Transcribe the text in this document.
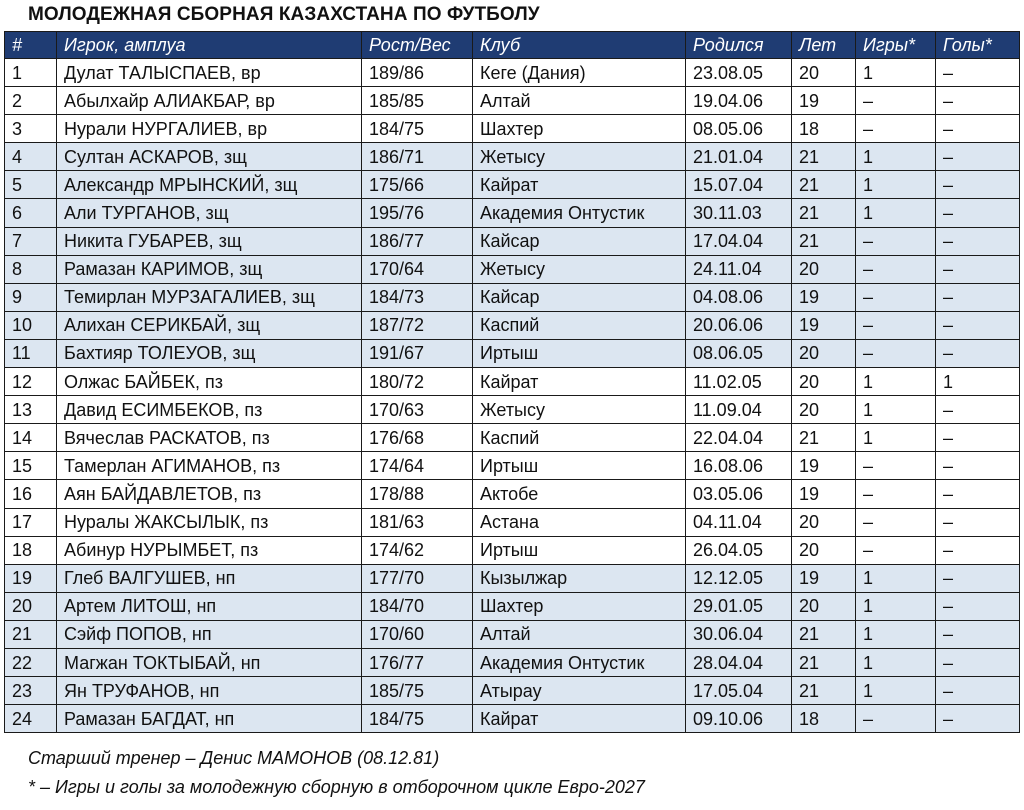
МОЛОДЕЖНАЯ СБОРНАЯ КАЗАХСТАНА ПО ФУТБОЛУ
#	Игрок, амплуа	Рост/Вес	Клуб	Родился	Лет	Игры*	Голы*
1	Дулат ТАЛЫСПАЕВ, вр	189/86	Кеге (Дания)	23.08.05	20	1	–
2	Абылхайр АЛИАКБАР, вр	185/85	Алтай	19.04.06	19	–	–
3	Нурали НУРГАЛИЕВ, вр	184/75	Шахтер	08.05.06	18	–	–
4	Султан АСКАРОВ, зщ	186/71	Жетысу	21.01.04	21	1	–
5	Александр МРЫНСКИЙ, зщ	175/66	Кайрат	15.07.04	21	1	–
6	Али ТУРГАНОВ, зщ	195/76	Академия Онтустик	30.11.03	21	1	–
7	Никита ГУБАРЕВ, зщ	186/77	Кайсар	17.04.04	21	–	–
8	Рамазан КАРИМОВ, зщ	170/64	Жетысу	24.11.04	20	–	–
9	Темирлан МУРЗАГАЛИЕВ, зщ	184/73	Кайсар	04.08.06	19	–	–
10	Алихан СЕРИКБАЙ, зщ	187/72	Каспий	20.06.06	19	–	–
11	Бахтияр ТОЛЕУОВ, зщ	191/67	Иртыш	08.06.05	20	–	–
12	Олжас БАЙБЕК, пз	180/72	Кайрат	11.02.05	20	1	1
13	Давид ЕСИМБЕКОВ, пз	170/63	Жетысу	11.09.04	20	1	–
14	Вячеслав РАСКАТОВ, пз	176/68	Каспий	22.04.04	21	1	–
15	Тамерлан АГИМАНОВ, пз	174/64	Иртыш	16.08.06	19	–	–
16	Аян БАЙДАВЛЕТОВ, пз	178/88	Актобе	03.05.06	19	–	–
17	Нуралы ЖАКСЫЛЫК, пз	181/63	Астана	04.11.04	20	–	–
18	Абинур НУРЫМБЕТ, пз	174/62	Иртыш	26.04.05	20	–	–
19	Глеб ВАЛГУШЕВ, нп	177/70	Кызылжар	12.12.05	19	1	–
20	Артем ЛИТОШ, нп	184/70	Шахтер	29.01.05	20	1	–
21	Сэйф ПОПОВ, нп	170/60	Алтай	30.06.04	21	1	–
22	Магжан ТОКТЫБАЙ, нп	176/77	Академия Онтустик	28.04.04	21	1	–
23	Ян ТРУФАНОВ, нп	185/75	Атырау	17.05.04	21	1	–
24	Рамазан БАГДАТ, нп	184/75	Кайрат	09.10.06	18	–	–
Старший тренер – Денис МАМОНОВ (08.12.81)
* – Игры и голы за молодежную сборную в отборочном цикле Евро-2027
